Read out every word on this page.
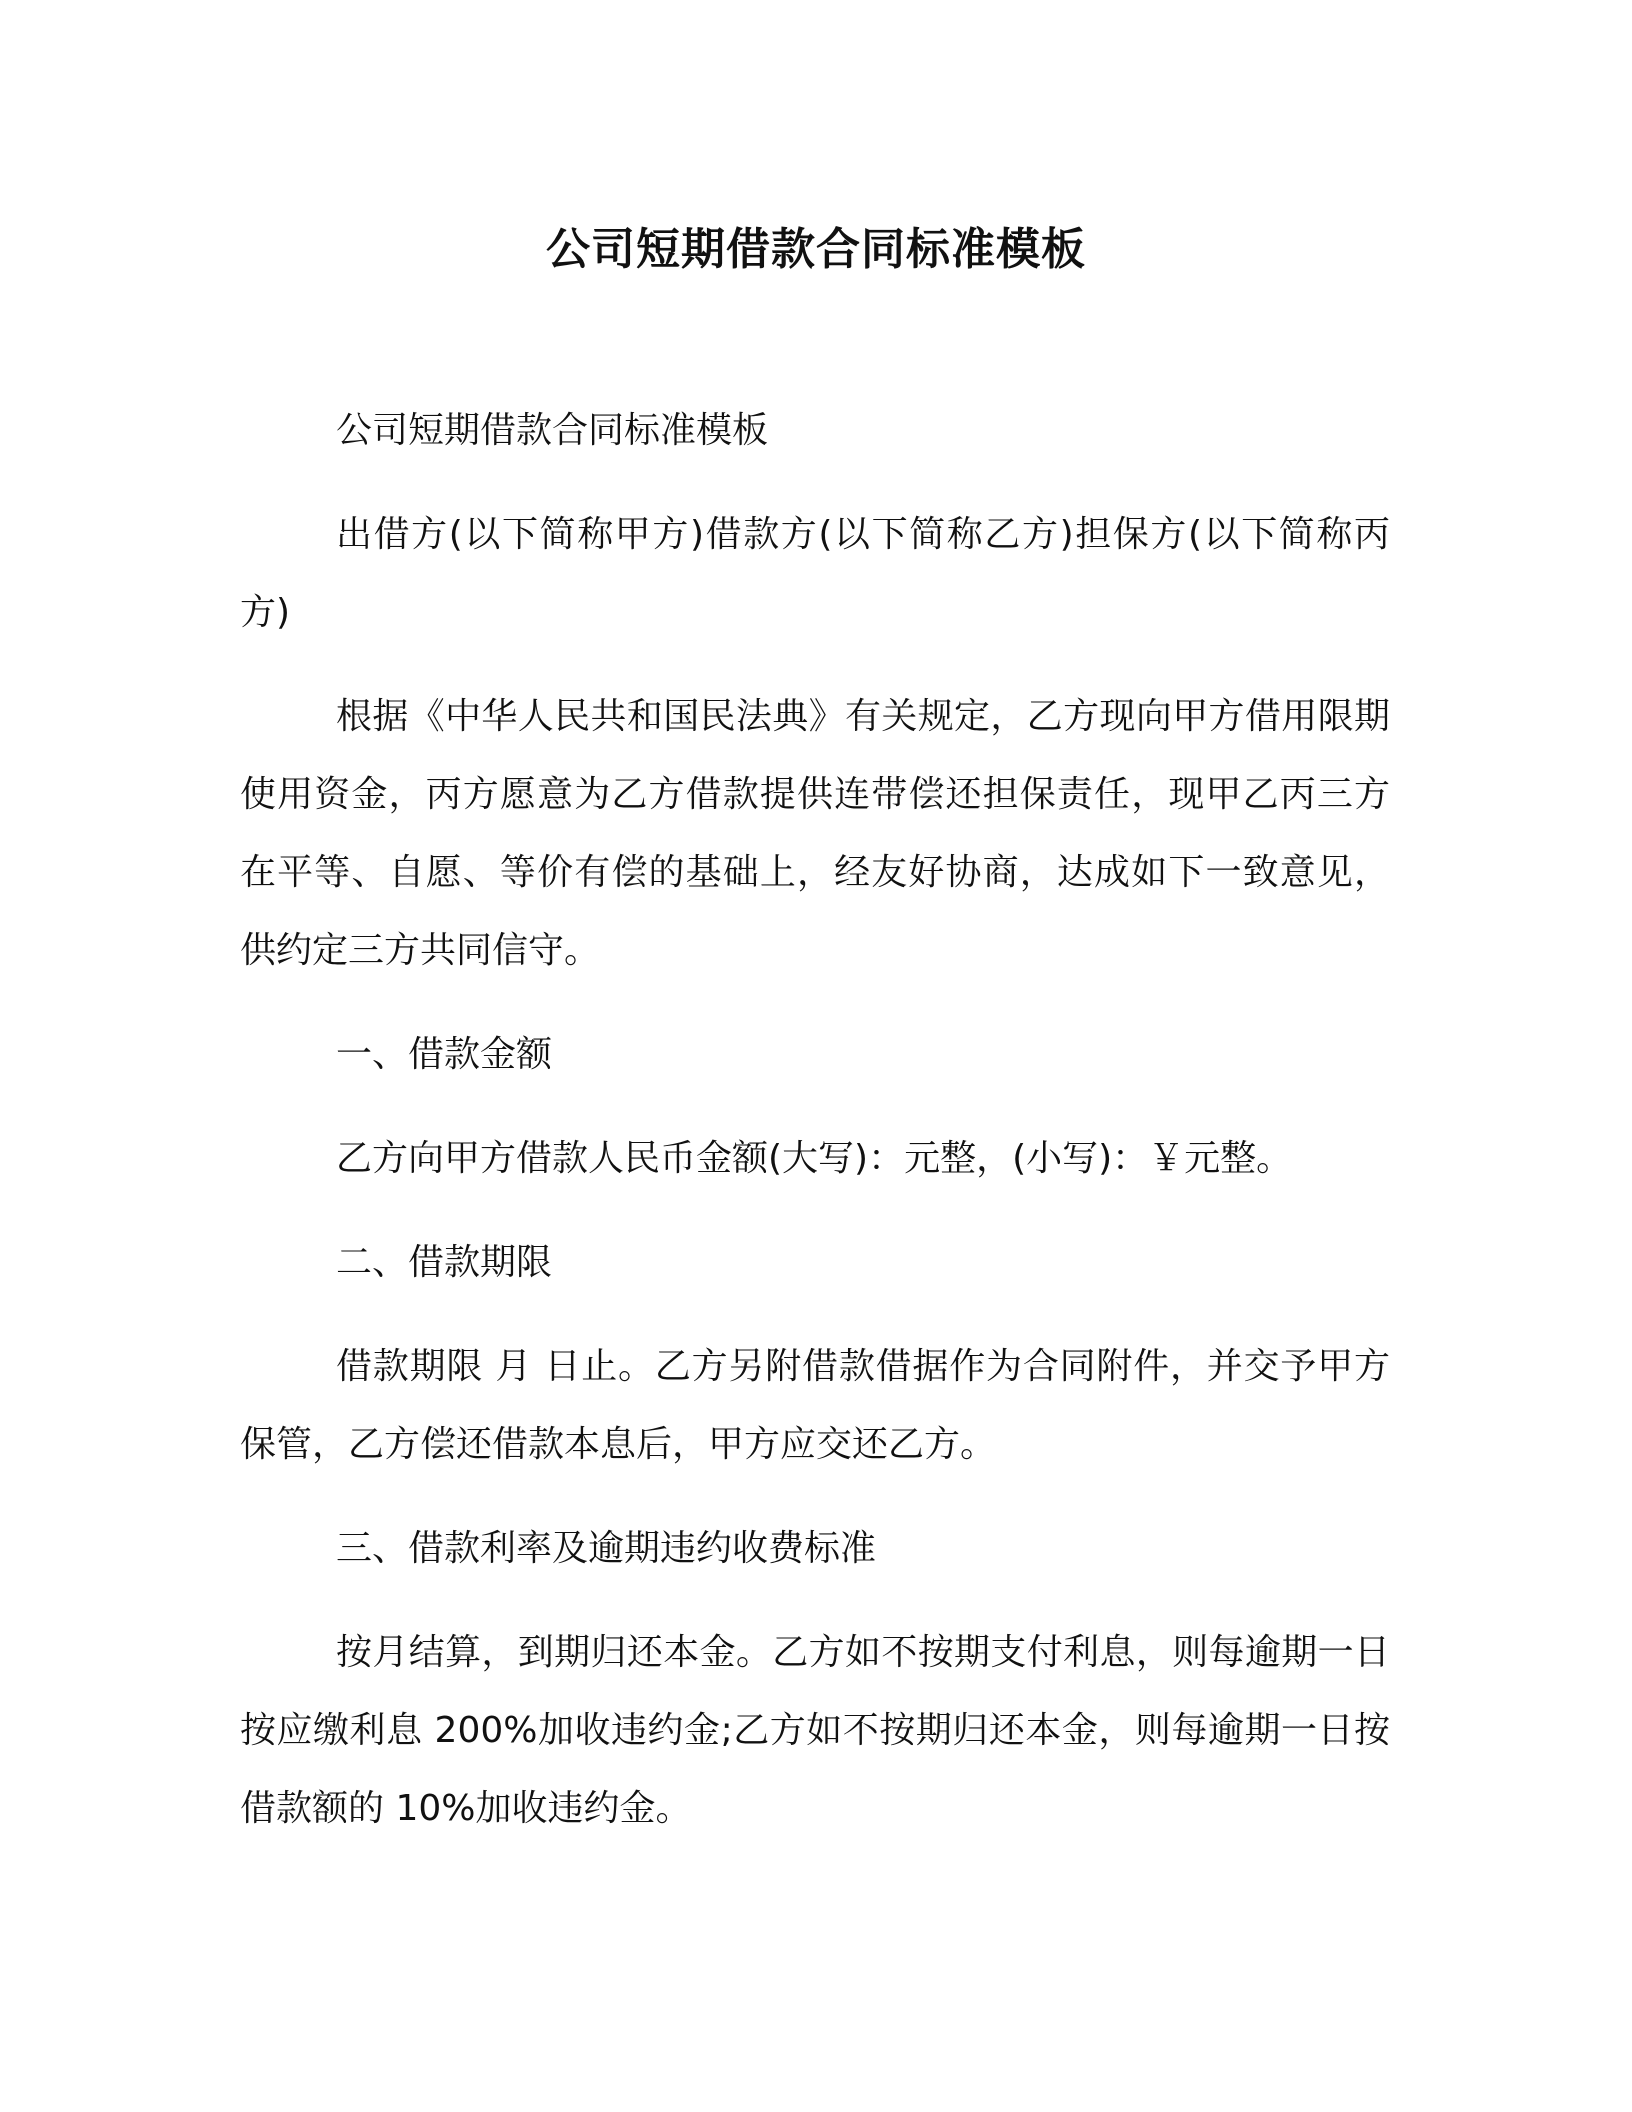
公司短期借款合同标准模板

公司短期借款合同标准模板

出借方(以下简称甲方)借款方(以下简称乙方)担保方(以下简称丙方)

根据《中华人民共和国民法典》有关规定，乙方现向甲方借用限期使用资金，丙方愿意为乙方借款提供连带偿还担保责任，现甲乙丙三方在平等、自愿、等价有偿的基础上，经友好协商，达成如下一致意见，供约定三方共同信守。

一、借款金额

乙方向甲方借款人民币金额(大写)：元整，(小写)：￥元整。

二、借款期限

借款期限 月 日止。乙方另附借款借据作为合同附件，并交予甲方保管，乙方偿还借款本息后，甲方应交还乙方。

三、借款利率及逾期违约收费标准

按月结算，到期归还本金。乙方如不按期支付利息，则每逾期一日按应缴利息 200%加收违约金;乙方如不按期归还本金，则每逾期一日按借款额的 10%加收违约金。
